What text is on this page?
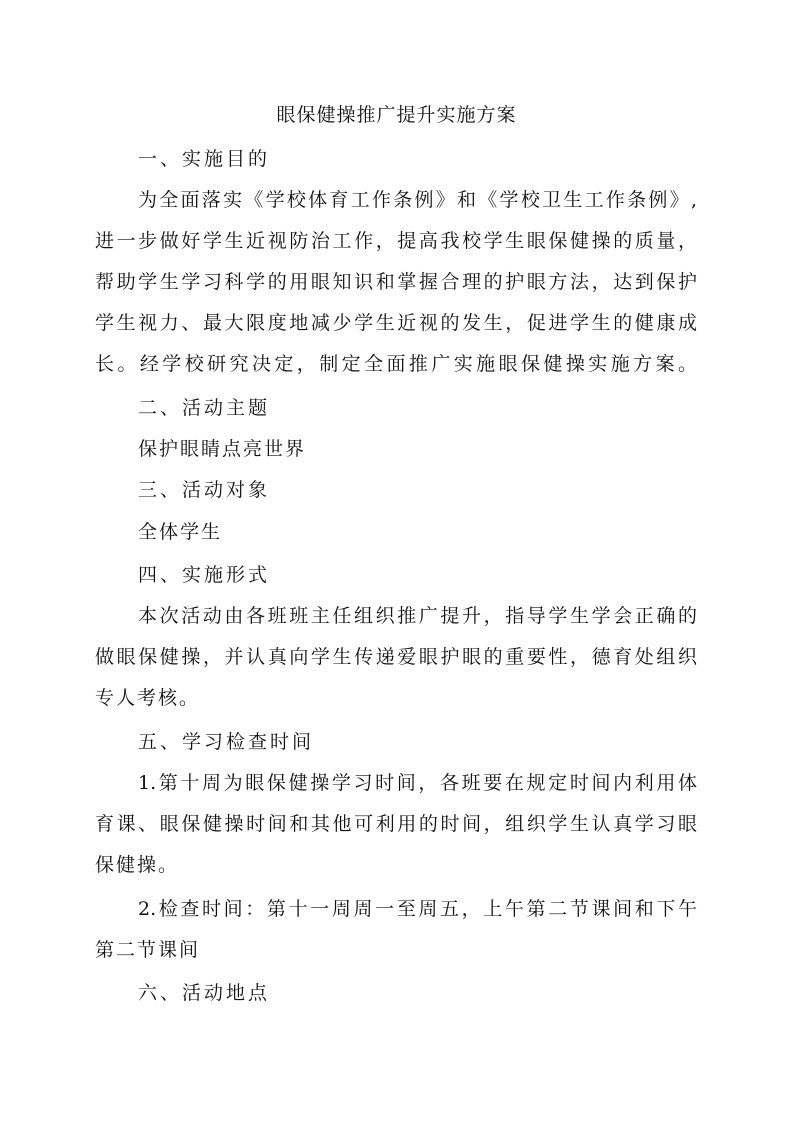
眼保健操推广提升实施方案
一、实施目的
为全面落实《学校体育工作条例》和《学校卫生工作条例》,
进一步做好学生近视防治工作，提高我校学生眼保健操的质量，
帮助学生学习科学的用眼知识和掌握合理的护眼方法，达到保护
学生视力、最大限度地减少学生近视的发生，促进学生的健康成
长。经学校研究决定，制定全面推广实施眼保健操实施方案。
二、活动主题
保护眼睛点亮世界
三、活动对象
全体学生
四、实施形式
本次活动由各班班主任组织推广提升，指导学生学会正确的
做眼保健操，并认真向学生传递爱眼护眼的重要性，德育处组织
专人考核。
五、学习检查时间
1.第十周为眼保健操学习时间，各班要在规定时间内利用体
育课、眼保健操时间和其他可利用的时间，组织学生认真学习眼
保健操。
2.检查时间：第十一周周一至周五，上午第二节课间和下午
第二节课间
六、活动地点
